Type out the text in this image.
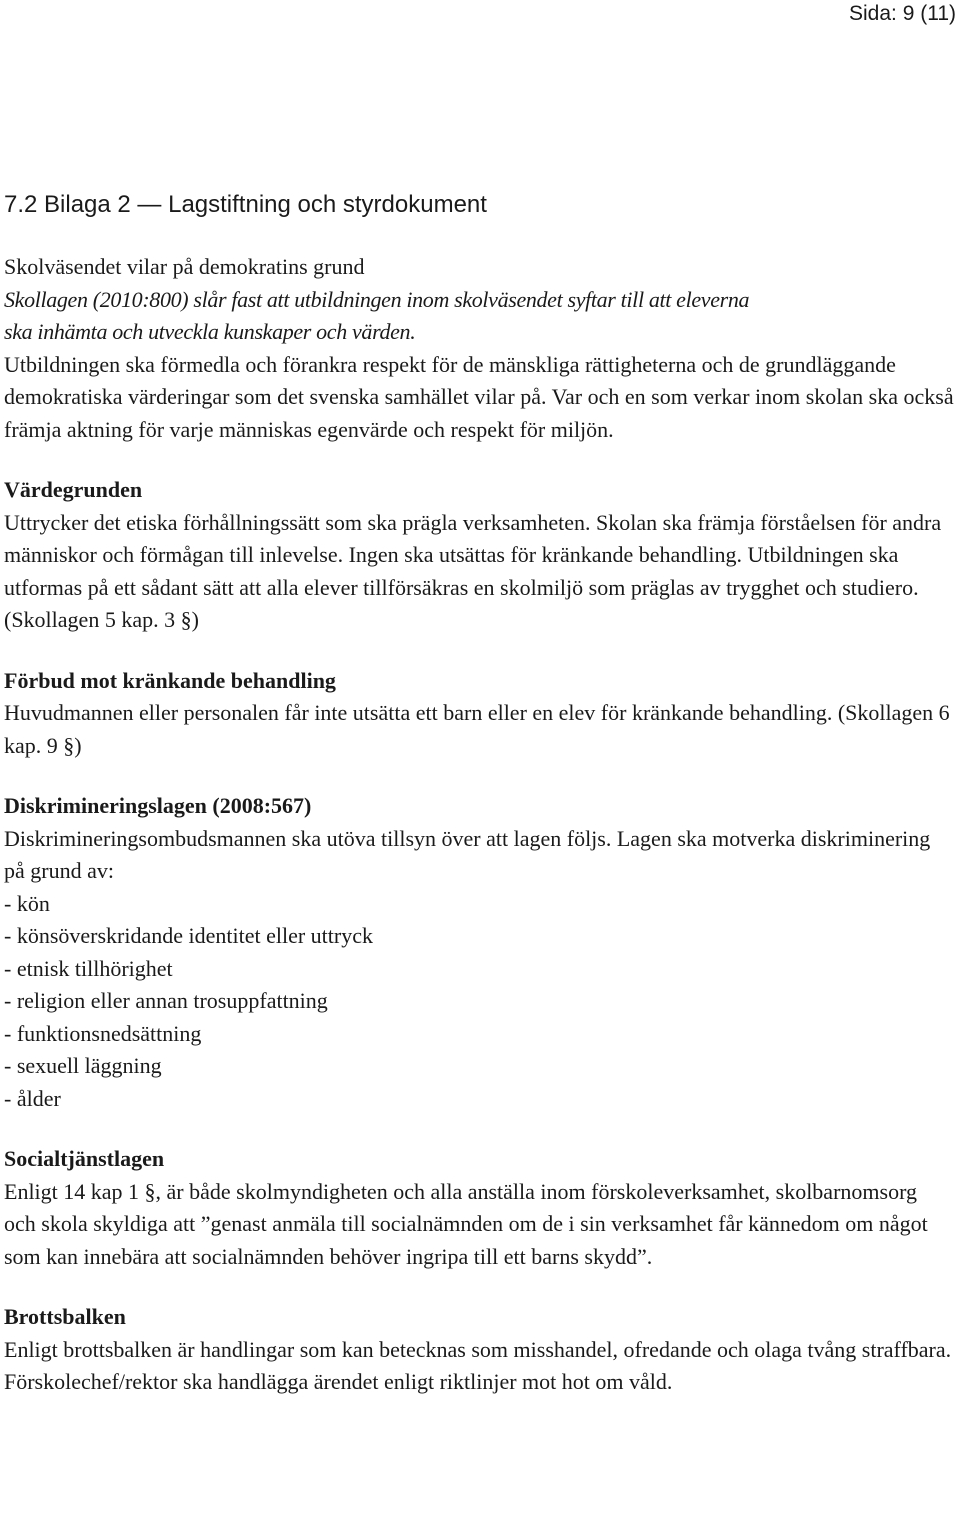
Sida: 9 (11)
7.2 Bilaga 2 — Lagstiftning och styrdokument
Skolväsendet vilar på demokratins grund
Skollagen (2010:800) slår fast att utbildningen inom skolväsendet syftar till att eleverna
ska inhämta och utveckla kunskaper och värden.

Utbildningen ska förmedla och förankra respekt för de mänskliga rättigheterna och de grundläggande demokratiska värderingar som det svenska samhället vilar på. Var och en som verkar inom skolan ska också främja aktning för varje människas egenvärde och respekt för miljön.

Värdegrunden

Uttrycker det etiska förhållningssätt som ska prägla verksamheten. Skolan ska främja förståelsen för andra människor och förmågan till inlevelse. Ingen ska utsättas för kränkande behandling. Utbildningen ska utformas på ett sådant sätt att alla elever tillförsäkras en skolmiljö som präglas av trygghet och studiero. (Skollagen 5 kap. 3 §)

Förbud mot kränkande behandling

Huvudmannen eller personalen får inte utsätta ett barn eller en elev för kränkande behandling. (Skollagen 6 kap. 9 §)

Diskrimineringslagen (2008:567)

Diskrimineringsombudsmannen ska utöva tillsyn över att lagen följs. Lagen ska motverka diskriminering på grund av:

- kön
- könsöverskridande identitet eller uttryck
- etnisk tillhörighet
- religion eller annan trosuppfattning
- funktionsnedsättning
- sexuell läggning
- ålder
Socialtjänstlagen

Enligt 14 kap 1 §, är både skolmyndigheten och alla anställa inom förskoleverksamhet, skolbarnomsorg och skola skyldiga att ”genast anmäla till socialnämnden om de i sin verksamhet får kännedom om något som kan innebära att socialnämnden behöver ingripa till ett barns skydd”.

Brottsbalken

Enligt brottsbalken är handlingar som kan betecknas som misshandel, ofredande och olaga tvång straffbara. Förskolechef/rektor ska handlägga ärendet enligt riktlinjer mot hot om våld.
